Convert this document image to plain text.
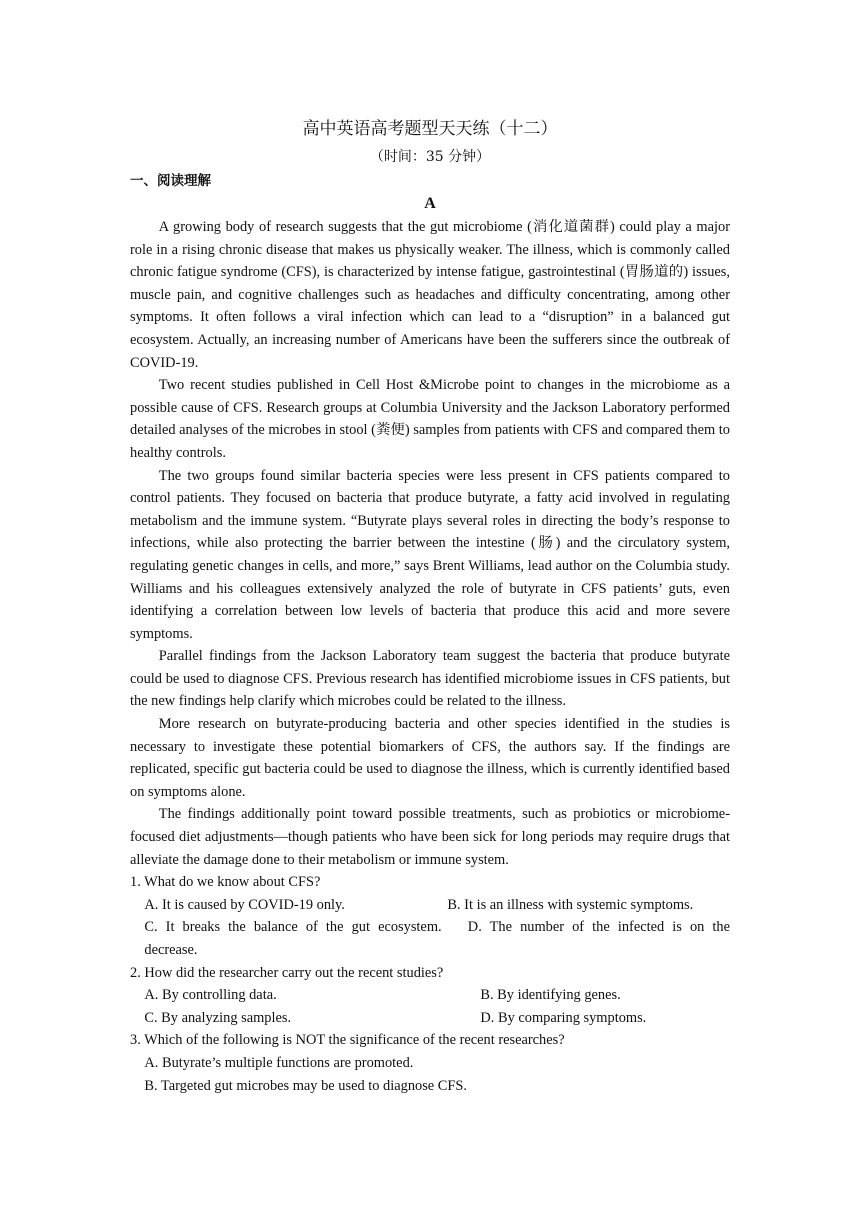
高中英语高考题型天天练（十二）
（时间：35 分钟）
一、阅读理解
A

A growing body of research suggests that the gut microbiome (消化道菌群) could play a major role in a rising chronic disease that makes us physically weaker. The illness, which is commonly called chronic fatigue syndrome (CFS), is characterized by intense fatigue, gastrointestinal (胃肠道的) issues, muscle pain, and cognitive challenges such as headaches and difficulty concentrating, among other symptoms. It often follows a viral infection which can lead to a “disruption” in a balanced gut ecosystem. Actually, an increasing number of Americans have been the sufferers since the outbreak of COVID-19.

Two recent studies published in Cell Host &Microbe point to changes in the microbiome as a possible cause of CFS. Research groups at Columbia University and the Jackson Laboratory performed detailed analyses of the microbes in stool (粪便) samples from patients with CFS and compared them to healthy controls.

The two groups found similar bacteria species were less present in CFS patients compared to control patients. They focused on bacteria that produce butyrate, a fatty acid involved in regulating metabolism and the immune system. “Butyrate plays several roles in directing the body’s response to infections, while also protecting the barrier between the intestine (肠) and the circulatory system, regulating genetic changes in cells, and more,” says Brent Williams, lead author on the Columbia study. Williams and his colleagues extensively analyzed the role of butyrate in CFS patients’ guts, even identifying a correlation between low levels of bacteria that produce this acid and more severe symptoms.

Parallel findings from the Jackson Laboratory team suggest the bacteria that produce butyrate could be used to diagnose CFS. Previous research has identified microbiome issues in CFS patients, but the new findings help clarify which microbes could be related to the illness.

More research on butyrate-producing bacteria and other species identified in the studies is necessary to investigate these potential biomarkers of CFS, the authors say. If the findings are replicated, specific gut bacteria could be used to diagnose the illness, which is currently identified based on symptoms alone.

The findings additionally point toward possible treatments, such as probiotics or microbiome-focused diet adjustments—though patients who have been sick for long periods may require drugs that alleviate the damage done to their metabolism or immune system.

1. What do we know about CFS?
A. It is caused by COVID-19 only.	B. It is an illness with systemic symptoms.
C. It breaks the balance of the gut ecosystem. D. The number of the infected is on the decrease.
2. How did the researcher carry out the recent studies?
A. By controlling data.	B. By identifying genes.
C. By analyzing samples.	D. By comparing symptoms.
3. Which of the following is NOT the significance of the recent researches?
A. Butyrate’s multiple functions are promoted.
B. Targeted gut microbes may be used to diagnose CFS.
